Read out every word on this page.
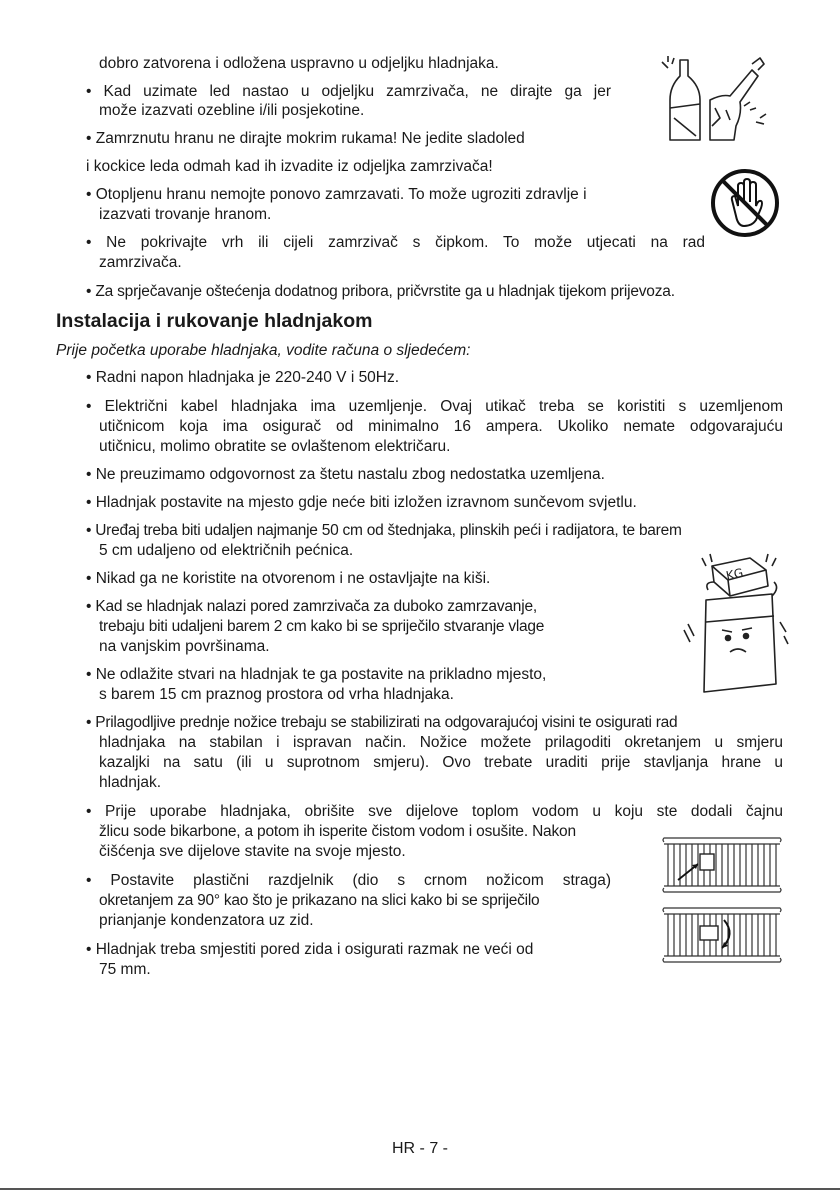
dobro zatvorena i odložena uspravno u odjeljku hladnjaka.

• Kad uzimate led nastao u odjeljku zamrzivača, ne dirajte ga jer

može izazvati ozebline i/ili posjekotine.

• Zamrznutu hranu ne dirajte mokrim rukama! Ne jedite sladoled

i kockice leda odmah kad ih izvadite iz odjeljka zamrzivača!

• Otopljenu hranu nemojte ponovo zamrzavati. To može ugroziti zdravlje i

izazvati trovanje hranom.

• Ne pokrivajte vrh ili cijeli zamrzivač s čipkom. To može utjecati na rad

zamrzivača.

• Za sprječavanje oštećenja dodatnog pribora, pričvrstite ga u hladnjak tijekom prijevoza.

Instalacija i rukovanje hladnjakom

Prije početka uporabe hladnjaka, vodite računa o sljedećem:

• Radni napon hladnjaka je 220-240 V i 50Hz.

• Električni kabel hladnjaka ima uzemljenje. Ovaj utikač treba se koristiti s uzemljenom

utičnicom koja ima osigurač od minimalno 16 ampera. Ukoliko nemate odgovarajuću

utičnicu, molimo obratite se ovlaštenom električaru.

• Ne preuzimamo odgovornost za štetu nastalu zbog nedostatka uzemljena.

• Hladnjak postavite na mjesto gdje neće biti izložen izravnom sunčevom svjetlu.

• Uređaj treba biti udaljen najmanje 50 cm od štednjaka, plinskih peći i radijatora, te barem

5 cm udaljeno od električnih pećnica.

• Nikad ga ne koristite na otvorenom i ne ostavljajte na kiši.

• Kad se hladnjak nalazi pored zamrzivača za duboko zamrzavanje,

trebaju biti udaljeni barem 2 cm kako bi se spriječilo stvaranje vlage

na vanjskim površinama.

• Ne odlažite stvari na hladnjak te ga postavite na prikladno mjesto,

s barem 15 cm praznog prostora od vrha hladnjaka.

• Prilagodljive prednje nožice trebaju se stabilizirati na odgovarajućoj visini te osigurati rad

hladnjaka na stabilan i ispravan način. Nožice možete prilagoditi okretanjem u smjeru

kazaljki na satu (ili u suprotnom smjeru). Ovo trebate uraditi prije stavljanja hrane u

hladnjak.

• Prije uporabe hladnjaka, obrišite sve dijelove toplom vodom u koju ste dodali čajnu

žlicu sode bikarbone, a potom ih isperite čistom vodom i osušite. Nakon

čišćenja sve dijelove stavite na svoje mjesto.

• Postavite plastični razdjelnik (dio s crnom nožicom straga)

okretanjem za 90° kao što je prikazano na slici kako bi se spriječilo

prianjanje kondenzatora uz zid.

• Hladnjak treba smjestiti pored zida i osigurati razmak ne veći od

75 mm.

KG
HR - 7 -
